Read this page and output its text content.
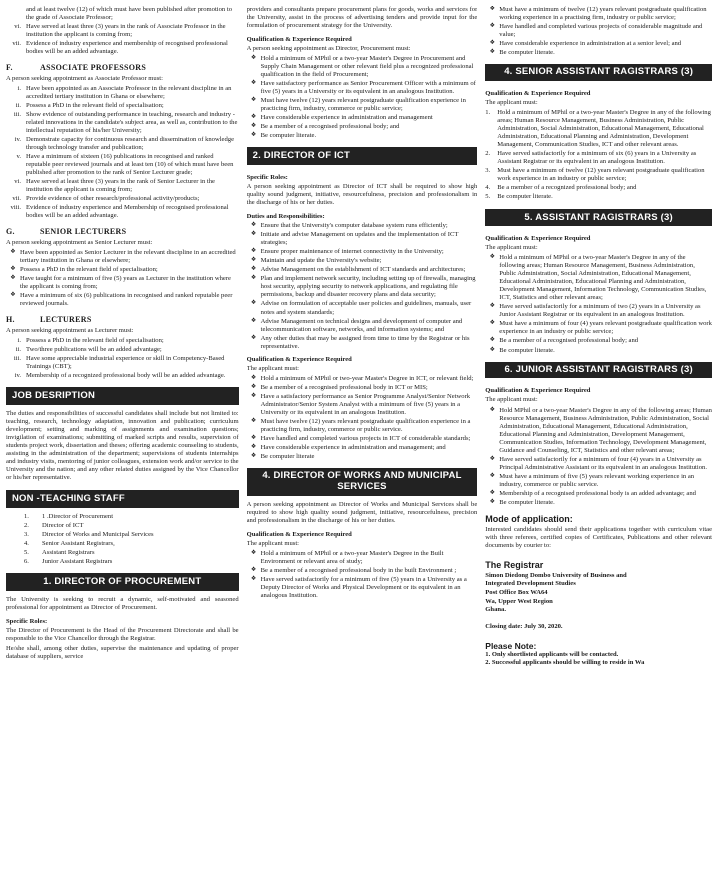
and at least twelve (12) of which must have been published after promotion to the grade of Associate Professor;
vi. Have served at least three (3) years in the rank of Associate Professor in the institution the applicant is coming from;
vii. Evidence of industry experience and membership of recognised professional bodies will be an added advantage.
F.	ASSOCIATE PROFESSORS

A person seeking appointment as Associate Professor must:

i. Have been appointed as an Associate Professor in the relevant discipline in an accredited tertiary institution in Ghana or elsewhere;
ii. Possess a PhD in the relevant field of specialisation;
iii. Show evidence of outstanding performance in teaching, research and industry - related innovations in the candidate's subject area, as well as, contribution to the intellectual reputation of his/her University;
iv. Demonstrate capacity for continuous research and dissemination of knowledge through technology transfer and publication;
v. Have a minimum of sixteen (16) publications in recognised and ranked reputable peer reviewed journals and at least ten (10) of which must have been published after promotion to the rank of Senior Lecturer grade;
vi. Have served at least three (3) years in the rank of Senior Lecturer in the institution the applicant is coming from;
vii. Provide evidence of other research/professional activity/products;
viii. Evidence of industry experience and Membership of recognised professional bodies will be an added advantage.
G.	SENIOR LECTURERS

A person seeking appointment as Senior Lecturer must:

❖ Have been appointed as Senior Lecturer in the relevant discipline in an accredited tertiary institution in Ghana or elsewhere;
❖ Possess a PhD in the relevant field of specialisation;
❖ Have taught for a minimum of five (5) years as Lecturer in the institution where the applicant is coming from;
❖ Have a minimum of six (6) publications in recognised and ranked reputable peer reviewed journals.
H.	LECTURERS

A person seeking appointment as Lecturer must:

i. Possess a PhD in the relevant field of specialisation;
ii. Two/three publications will be an added advantage;
iii. Have some appreciable industrial experience or skill in Competency-Based Trainings (CBT);
iv. Membership of a recognized professional body will be an added advantage.
JOB DESRIPTION

The duties and responsibilities of successful candidates shall include but not limited to: teaching, research, technology adaptation, innovation and publication; curriculum development; setting and marking of assignments and examination questions; invigilation of examinations; submitting of marked scripts and results, supervision of students project work, dissertation and theses; offering academic counseling to students, assisting in the administration of the department; supervisions of students internships and industry visits, mentoring of junior colleagues, extension work and/or service to the University and the nation; and any other related duties assigned by the Vice Chancellor or his/her representative.

NON -TEACHING STAFF
1.	1 .Director of Procurement
2.	Director of ICT
3.	Director of Works and Municipal Services
4.	Senior Assistant Registrars,
5.	Assistant Registrars
6.	Junior Assistant Registrars
1. DIRECTOR OF PROCUREMENT

The University is seeking to recruit a dynamic, self-motivated and seasoned professional for appointment as Director of Procurement.

Specific Roles:

The Director of Procurement is the Head of the Procurement Directorate and shall be responsible to the Vice Chancellor through the Registrar.

He/she shall, among other duties, supervise the maintenance and updating of proper database of suppliers, service

providers and consultants prepare procurement plans for goods, works and services for the University, assist in the process of advertising tenders and provide input for the formulation of procurement strategy for the University.

Qualification & Experience Required

A person seeking appointment as Director, Procurement must:

❖ Hold a minimum of MPhil or a two-year Master's Degree in Procurement and Supply Chain Management or other relevant field plus a recognized professional qualification in the field of Procurement;
❖ Have satisfactory performance as Senior Procurement Officer with a minimum of five (5) years in a University or its equivalent in an analogous Institution.
❖ Must have twelve (12) years relevant postgraduate qualification experience in practicing firm, industry, commerce or public service;
❖ Have considerable experience in administration and management
❖ Be a member of a recognised professional body; and
❖ Be computer literate.
2. DIRECTOR OF ICT
Specific Roles:

A person seeking appointment as Director of ICT shall be required to show high quality sound judgment, initiative, resourcefulness, precision and professionalism in the discharge of his or her duties.

Duties and Responsibilities:
❖ Ensure that the University's computer database system runs efficiently;
❖ Initiate and advise Management on updates and the implementation of ICT strategies;
❖ Ensure proper maintenance of internet connectivity in the University;
❖ Maintain and update the University's website;
❖ Advise Management on the establishment of ICT standards and architectures;
❖ Plan and implement network security, including setting up of firewalls, managing host security, applying security to network applications, and regulating file permissions, backup and disaster recovery plans and data security;
❖ Advise on formulation of acceptable user policies and guidelines, manuals, user notes and system standards;
❖ Advise Management on technical designs and development of computer and telecommunication software, networks, and information systems; and
❖ Any other duties that may be assigned from time to time by the Registrar or his representative.
Qualification & Experience Required

The applicant must:

❖ Hold a minimum of MPhil or two-year Master's Degree in ICT, or relevant field;
❖ Be a member of a recognised professional body in ICT or MIS;
❖ Have a satisfactory performance as Senior Programme Analyst/Senior Network Administrator/Senior System Analyst with a minimum of five (5) years in a University or its equivalent in an analogous Institution.
❖ Must have twelve (12) years relevant postgraduate qualification experience in a practicing firm, industry, commerce or public service.
❖ Have handled and completed various projects in ICT of considerable standards;
❖ Have considerable experience in administration and management; and
❖ Be computer literate
4. DIRECTOR OF WORKS AND MUNICIPAL SERVICES

A person seeking appointment as Director of Works and Municipal Services shall be required to show high quality sound judgment, initiative, resourcefulness, precision and professionalism in the discharge of his or her duties.

Qualification & Experience Required

The applicant must:

❖ Hold a minimum of MPhil or a two-year Master's Degree in the Built Environment or relevant area of study;
❖ Be a member of a recognised professional body in the built Environment ;
❖ Have served satisfactorily for a minimum of five (5) years in a University as a Deputy Director of Works and Physical Development or its equivalent in an analogous Institution.
❖ Must have a minimum of twelve (12) years relevant postgraduate qualification working experience in a practising firm, industry or public service;
❖ Have handled and completed various projects of considerable magnitude and value;
❖ Have considerable experience in administration at a senior level; and
❖ Be computer literate.
4. SENIOR ASSISTANT RAGISTRARS (3)
Qualification & Experience Required

The applicant must:

1.	Hold a minimum of MPhil or a two-year Master's Degree in any of the following areas; Human Resource Management, Business Administration, Public Administration, Social Administration, Educational Management, Educational Administration, Educational Planning and Administration, Development Management, Communication Studies, ICT and other relevant areas.
2.	Have served satisfactorily for a minimum of six (6) years in a University as Assistant Registrar or its equivalent in an analogous Institution.
3.	Must have a minimum of twelve (12) years relevant postgraduate qualification work experience in an industry or public service;
4.	Be a member of a recognized professional body; and
5.	Be computer literate.
5. ASSISTANT RAGISTRARS (3)
Qualification & Experience Required

The applicant must:

❖ Hold a minimum of MPhil or a two-year Master's Degree in any of the following areas; Human Resource Management, Business Administration, Public Administration, Social Administration, Educational Management, Educational Administration, Educational Planning and Administration, Development Management, Information Technology, Communication Studies, ICT, Statistics and other relevant areas;
❖ Have served satisfactorily for a minimum of two (2) years in a University as Junior Assistant Registrar or its equivalent in an analogous Institution.
❖ Must have a minimum of four (4) years relevant postgraduate qualification work experience in an industry or public service;
❖ Be a member of a recognised professional body; and
❖ Be computer literate.
6. JUNIOR ASSISTANT RAGISTRARS (3)
Qualification & Experience Required

The applicant must:

❖ Hold MPhil or a two-year Master's Degree in any of the following areas; Human Resource Management, Business Administration, Public Administration, Social Administration, Educational Management, Educational Administration, Educational Planning and Administration, Development Management, Communication Studies, Information Technology, Development Management, Guidance and Counseling, ICT, Statistics and other relevant areas;
❖ Have served satisfactorily for a minimum of four (4) years in a University as Principal Administrative Assistant or its equivalent in an analogous Institution.
❖ Must have a minimum of five (5) years relevant working experience in an industry, commerce or public service.
❖ Membership of a recognised professional body is an added advantage; and
❖ Be computer literate.
Mode of application:

Interested candidates should send their applications together with curriculum vitae with three referees, certified copies of Certificates, Publications and other relevant documents by courier to:

The Registrar
Simon Diedong Dombo University of Business and
Integrated Development Studies
Post Office Box WA64
Wa, Upper West Region
Ghana.
Closing date: July 30, 2020.
Please Note:
1. Only shortlisted applicants will be contacted.
2. Successful applicants should be willing to reside in Wa
